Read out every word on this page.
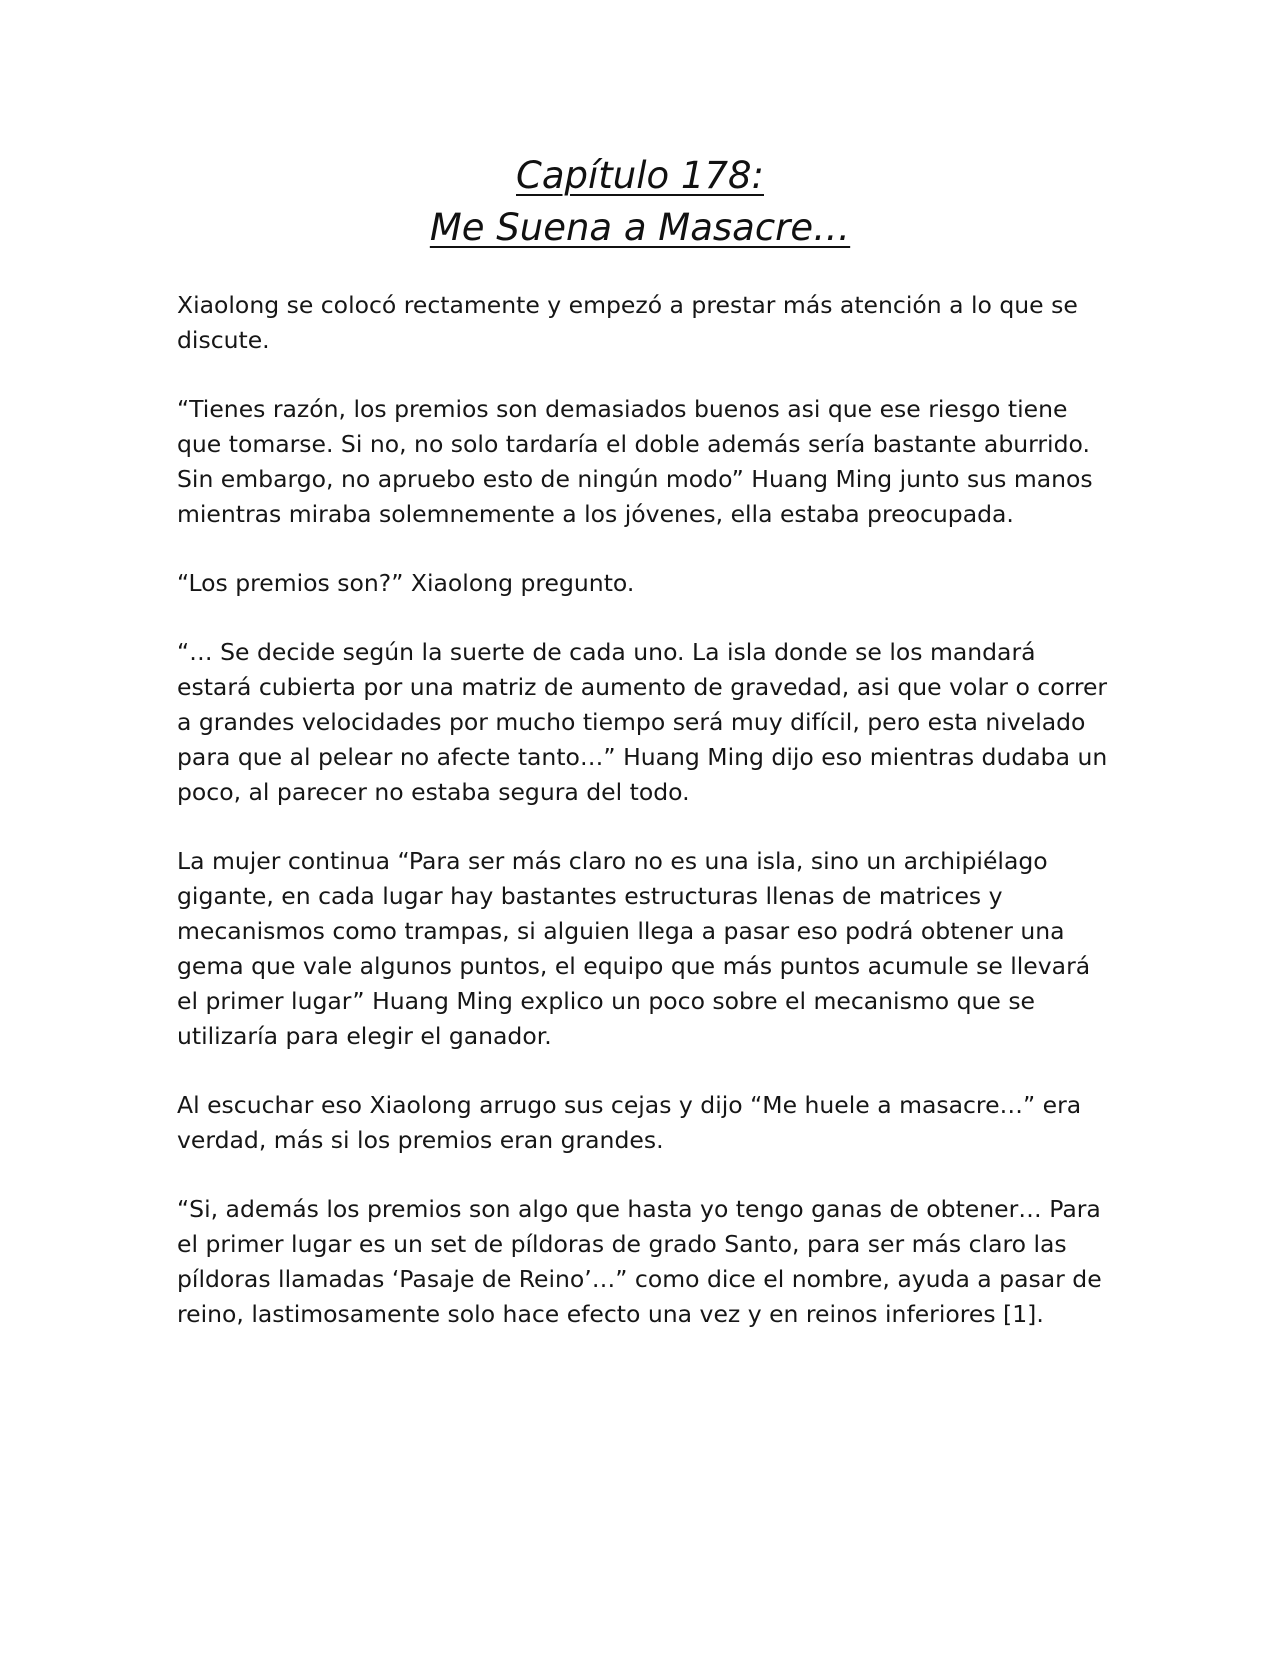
Capítulo 178:
Me Suena a Masacre…

Xiaolong se colocó rectamente y empezó a prestar más atención a lo que se discute.

“Tienes razón, los premios son demasiados buenos asi que ese riesgo tiene que tomarse. Si no, no solo tardaría el doble además sería bastante aburrido. Sin embargo, no apruebo esto de ningún modo” Huang Ming junto sus manos mientras miraba solemnemente a los jóvenes, ella estaba preocupada.

“Los premios son?” Xiaolong pregunto.

“… Se decide según la suerte de cada uno. La isla donde se los mandará estará cubierta por una matriz de aumento de gravedad, asi que volar o correr a grandes velocidades por mucho tiempo será muy difícil, pero esta nivelado para que al pelear no afecte tanto…” Huang Ming dijo eso mientras dudaba un poco, al parecer no estaba segura del todo.

La mujer continua “Para ser más claro no es una isla, sino un archipiélago gigante, en cada lugar hay bastantes estructuras llenas de matrices y mecanismos como trampas, si alguien llega a pasar eso podrá obtener una gema que vale algunos puntos, el equipo que más puntos acumule se llevará el primer lugar” Huang Ming explico un poco sobre el mecanismo que se utilizaría para elegir el ganador.

Al escuchar eso Xiaolong arrugo sus cejas y dijo “Me huele a masacre…” era verdad, más si los premios eran grandes.

“Si, además los premios son algo que hasta yo tengo ganas de obtener… Para el primer lugar es un set de píldoras de grado Santo, para ser más claro las píldoras llamadas ‘Pasaje de Reino’…” como dice el nombre, ayuda a pasar de reino, lastimosamente solo hace efecto una vez y en reinos inferiores [1].
